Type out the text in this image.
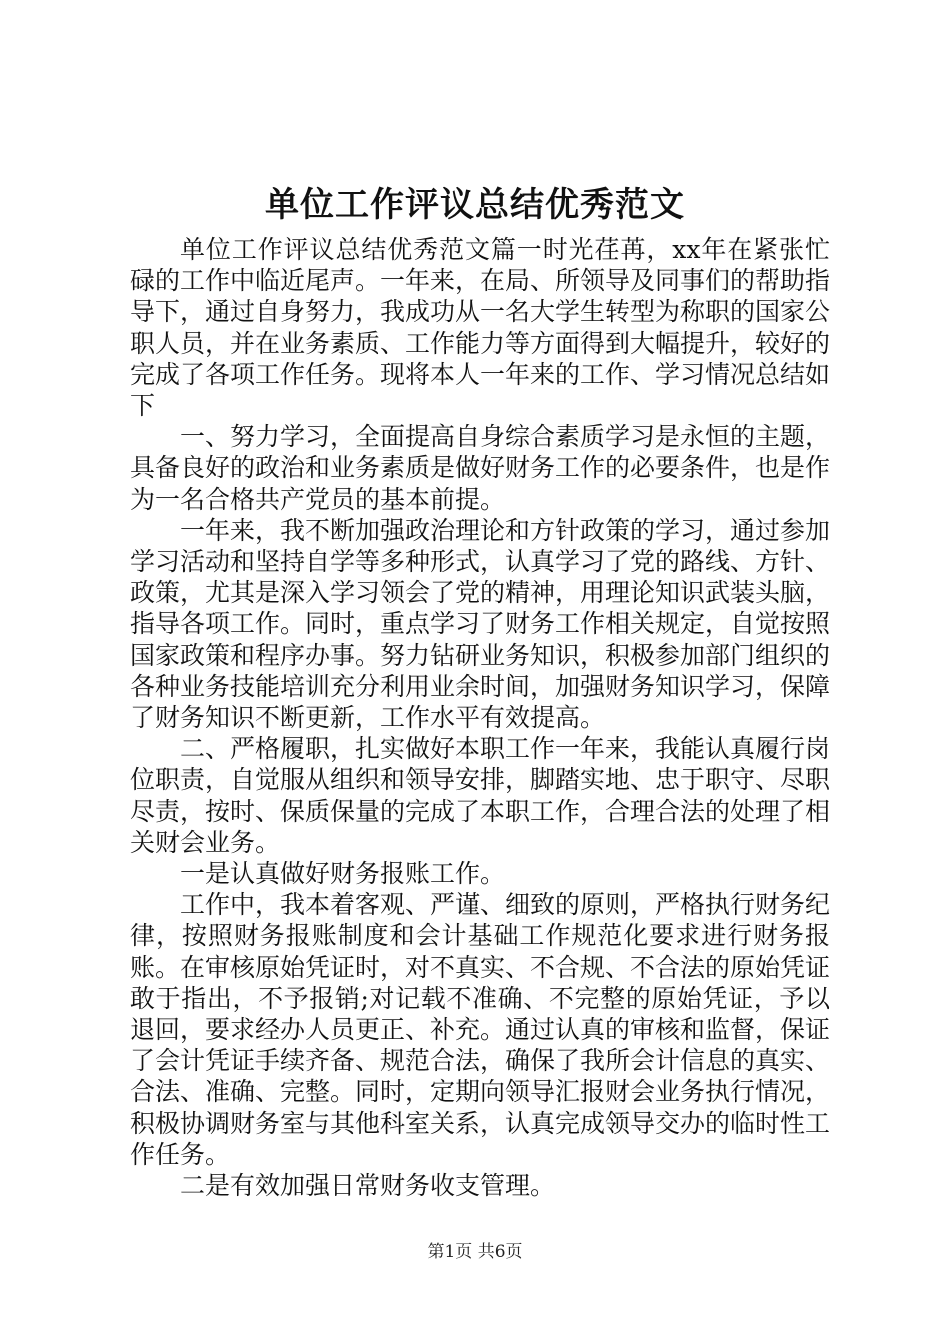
单位工作评议总结优秀范文

单位工作评议总结优秀范文篇一时光荏苒，xx年在紧张忙碌的工作中临近尾声。一年来，在局、所领导及同事们的帮助指导下，通过自身努力，我成功从一名大学生转型为称职的国家公职人员，并在业务素质、工作能力等方面得到大幅提升，较好的完成了各项工作任务。现将本人一年来的工作、学习情况总结如下

一、努力学习，全面提高自身综合素质学习是永恒的主题，具备良好的政治和业务素质是做好财务工作的必要条件，也是作为一名合格共产党员的基本前提。

一年来，我不断加强政治理论和方针政策的学习，通过参加学习活动和坚持自学等多种形式，认真学习了党的路线、方针、政策，尤其是深入学习领会了党的精神，用理论知识武装头脑，指导各项工作。同时，重点学习了财务工作相关规定，自觉按照国家政策和程序办事。努力钻研业务知识，积极参加部门组织的各种业务技能培训充分利用业余时间，加强财务知识学习，保障了财务知识不断更新，工作水平有效提高。

二、严格履职，扎实做好本职工作一年来，我能认真履行岗位职责，自觉服从组织和领导安排，脚踏实地、忠于职守、尽职尽责，按时、保质保量的完成了本职工作，合理合法的处理了相关财会业务。

一是认真做好财务报账工作。

工作中，我本着客观、严谨、细致的原则，严格执行财务纪律，按照财务报账制度和会计基础工作规范化要求进行财务报账。在审核原始凭证时，对不真实、不合规、不合法的原始凭证敢于指出，不予报销;对记载不准确、不完整的原始凭证，予以退回，要求经办人员更正、补充。通过认真的审核和监督，保证了会计凭证手续齐备、规范合法，确保了我所会计信息的真实、合法、准确、完整。同时，定期向领导汇报财会业务执行情况，积极协调财务室与其他科室关系，认真完成领导交办的临时性工作任务。

二是有效加强日常财务收支管理。

第1页 共6页
